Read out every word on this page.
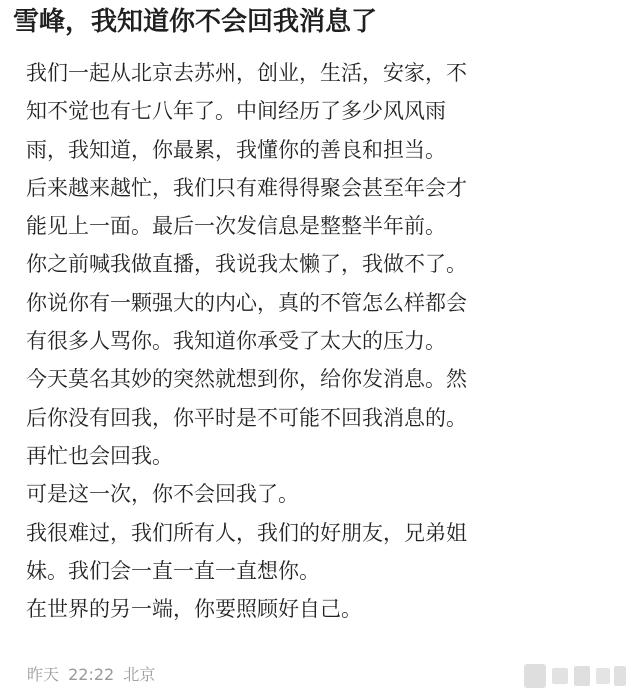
雪峰，我知道你不会回我消息了
我们一起从北京去苏州，创业，生活，安家，不
知不觉也有七八年了。中间经历了多少风风雨
雨，我知道，你最累，我懂你的善良和担当。
后来越来越忙，我们只有难得得聚会甚至年会才
能见上一面。最后一次发信息是整整半年前。
你之前喊我做直播，我说我太懒了，我做不了。
你说你有一颗强大的内心，真的不管怎么样都会
有很多人骂你。我知道你承受了太大的压力。
今天莫名其妙的突然就想到你，给你发消息。然
后你没有回我，你平时是不可能不回我消息的。
再忙也会回我。
可是这一次，你不会回我了。
我很难过，我们所有人，我们的好朋友，兄弟姐
妹。我们会一直一直一直想你。
在世界的另一端，你要照顾好自己。
昨天 22:22 北京
